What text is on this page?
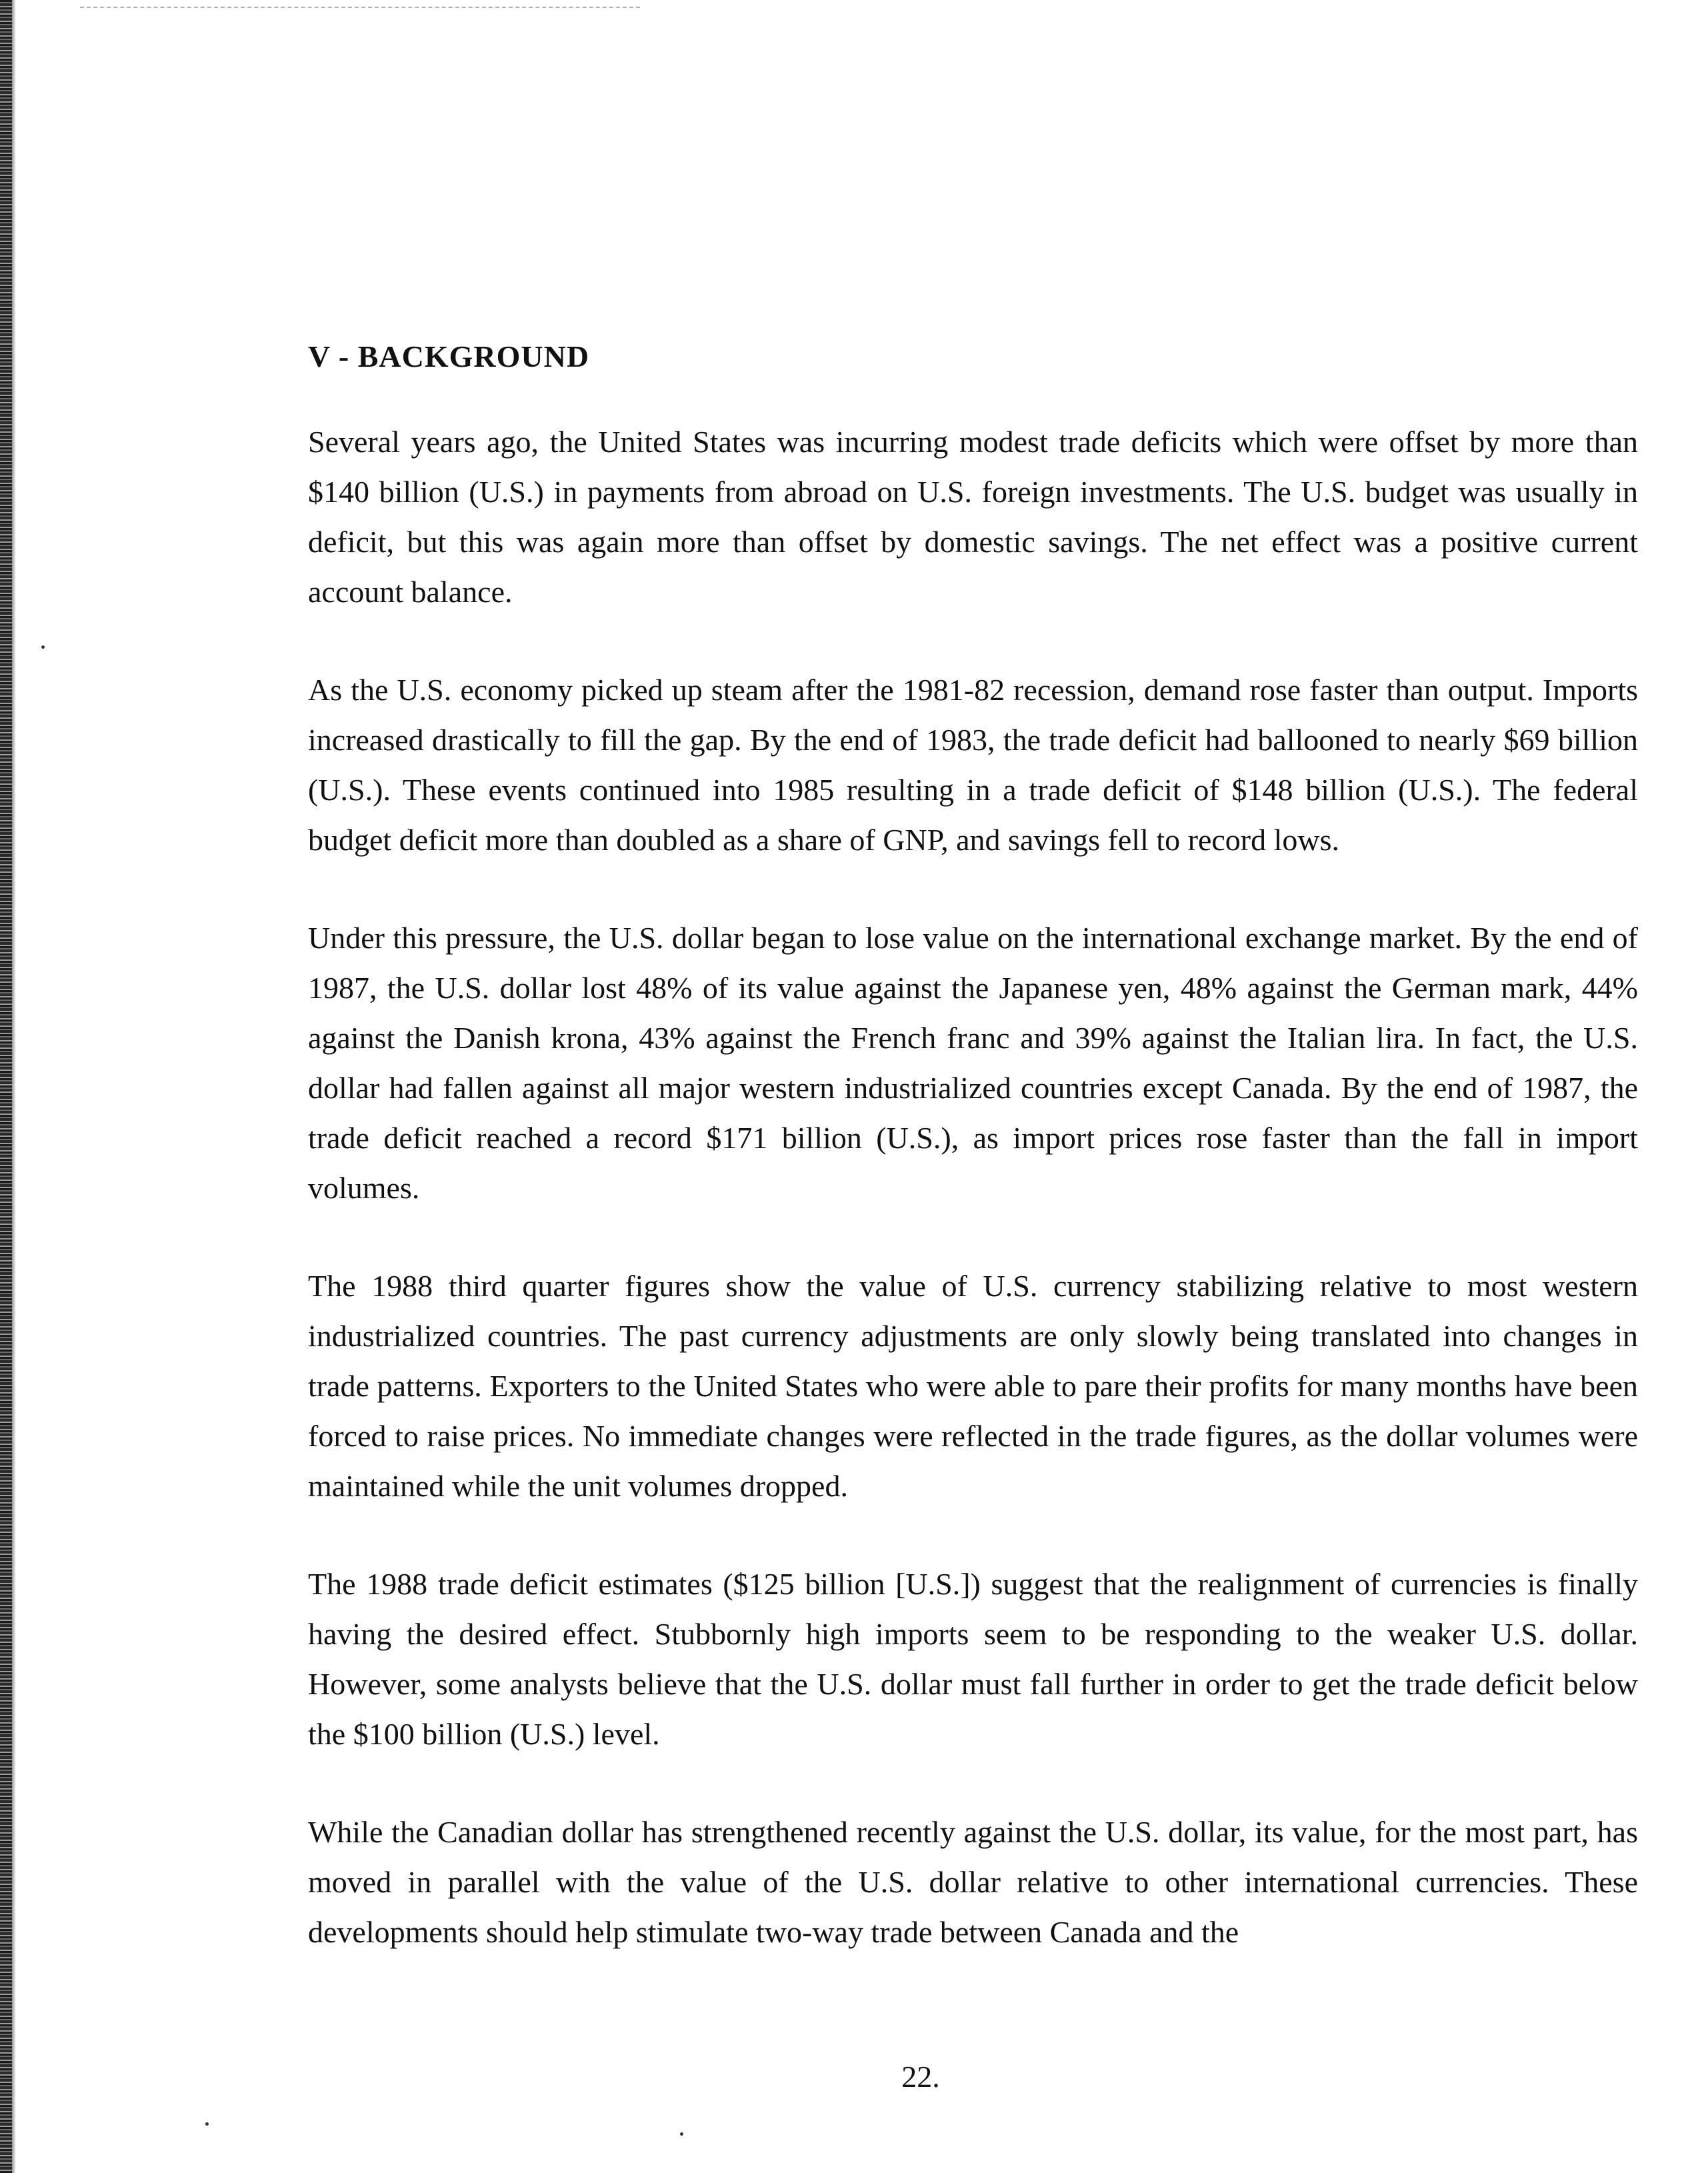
V - BACKGROUND

Several years ago, the United States was incurring modest trade deficits which were offset by more than $140 billion (U.S.) in payments from abroad on U.S. foreign investments. The U.S. budget was usually in deficit, but this was again more than offset by domestic savings. The net effect was a positive current account balance.

As the U.S. economy picked up steam after the 1981-82 recession, demand rose faster than output. Imports increased drastically to fill the gap. By the end of 1983, the trade deficit had ballooned to nearly $69 billion (U.S.). These events continued into 1985 resulting in a trade deficit of $148 billion (U.S.). The federal budget deficit more than doubled as a share of GNP, and savings fell to record lows.

Under this pressure, the U.S. dollar began to lose value on the international exchange market. By the end of 1987, the U.S. dollar lost 48% of its value against the Japanese yen, 48% against the German mark, 44% against the Danish krona, 43% against the French franc and 39% against the Italian lira. In fact, the U.S. dollar had fallen against all major western industrialized countries except Canada. By the end of 1987, the trade deficit reached a record $171 billion (U.S.), as import prices rose faster than the fall in import volumes.

The 1988 third quarter figures show the value of U.S. currency stabilizing relative to most western industrialized countries. The past currency adjustments are only slowly being translated into changes in trade patterns. Exporters to the United States who were able to pare their profits for many months have been forced to raise prices. No immediate changes were reflected in the trade figures, as the dollar volumes were maintained while the unit volumes dropped.

The 1988 trade deficit estimates ($125 billion [U.S.]) suggest that the realignment of currencies is finally having the desired effect. Stubbornly high imports seem to be responding to the weaker U.S. dollar. However, some analysts believe that the U.S. dollar must fall further in order to get the trade deficit below the $100 billion (U.S.) level.

While the Canadian dollar has strengthened recently against the U.S. dollar, its value, for the most part, has moved in parallel with the value of the U.S. dollar relative to other international currencies. These developments should help stimulate two-way trade between Canada and the

22.
